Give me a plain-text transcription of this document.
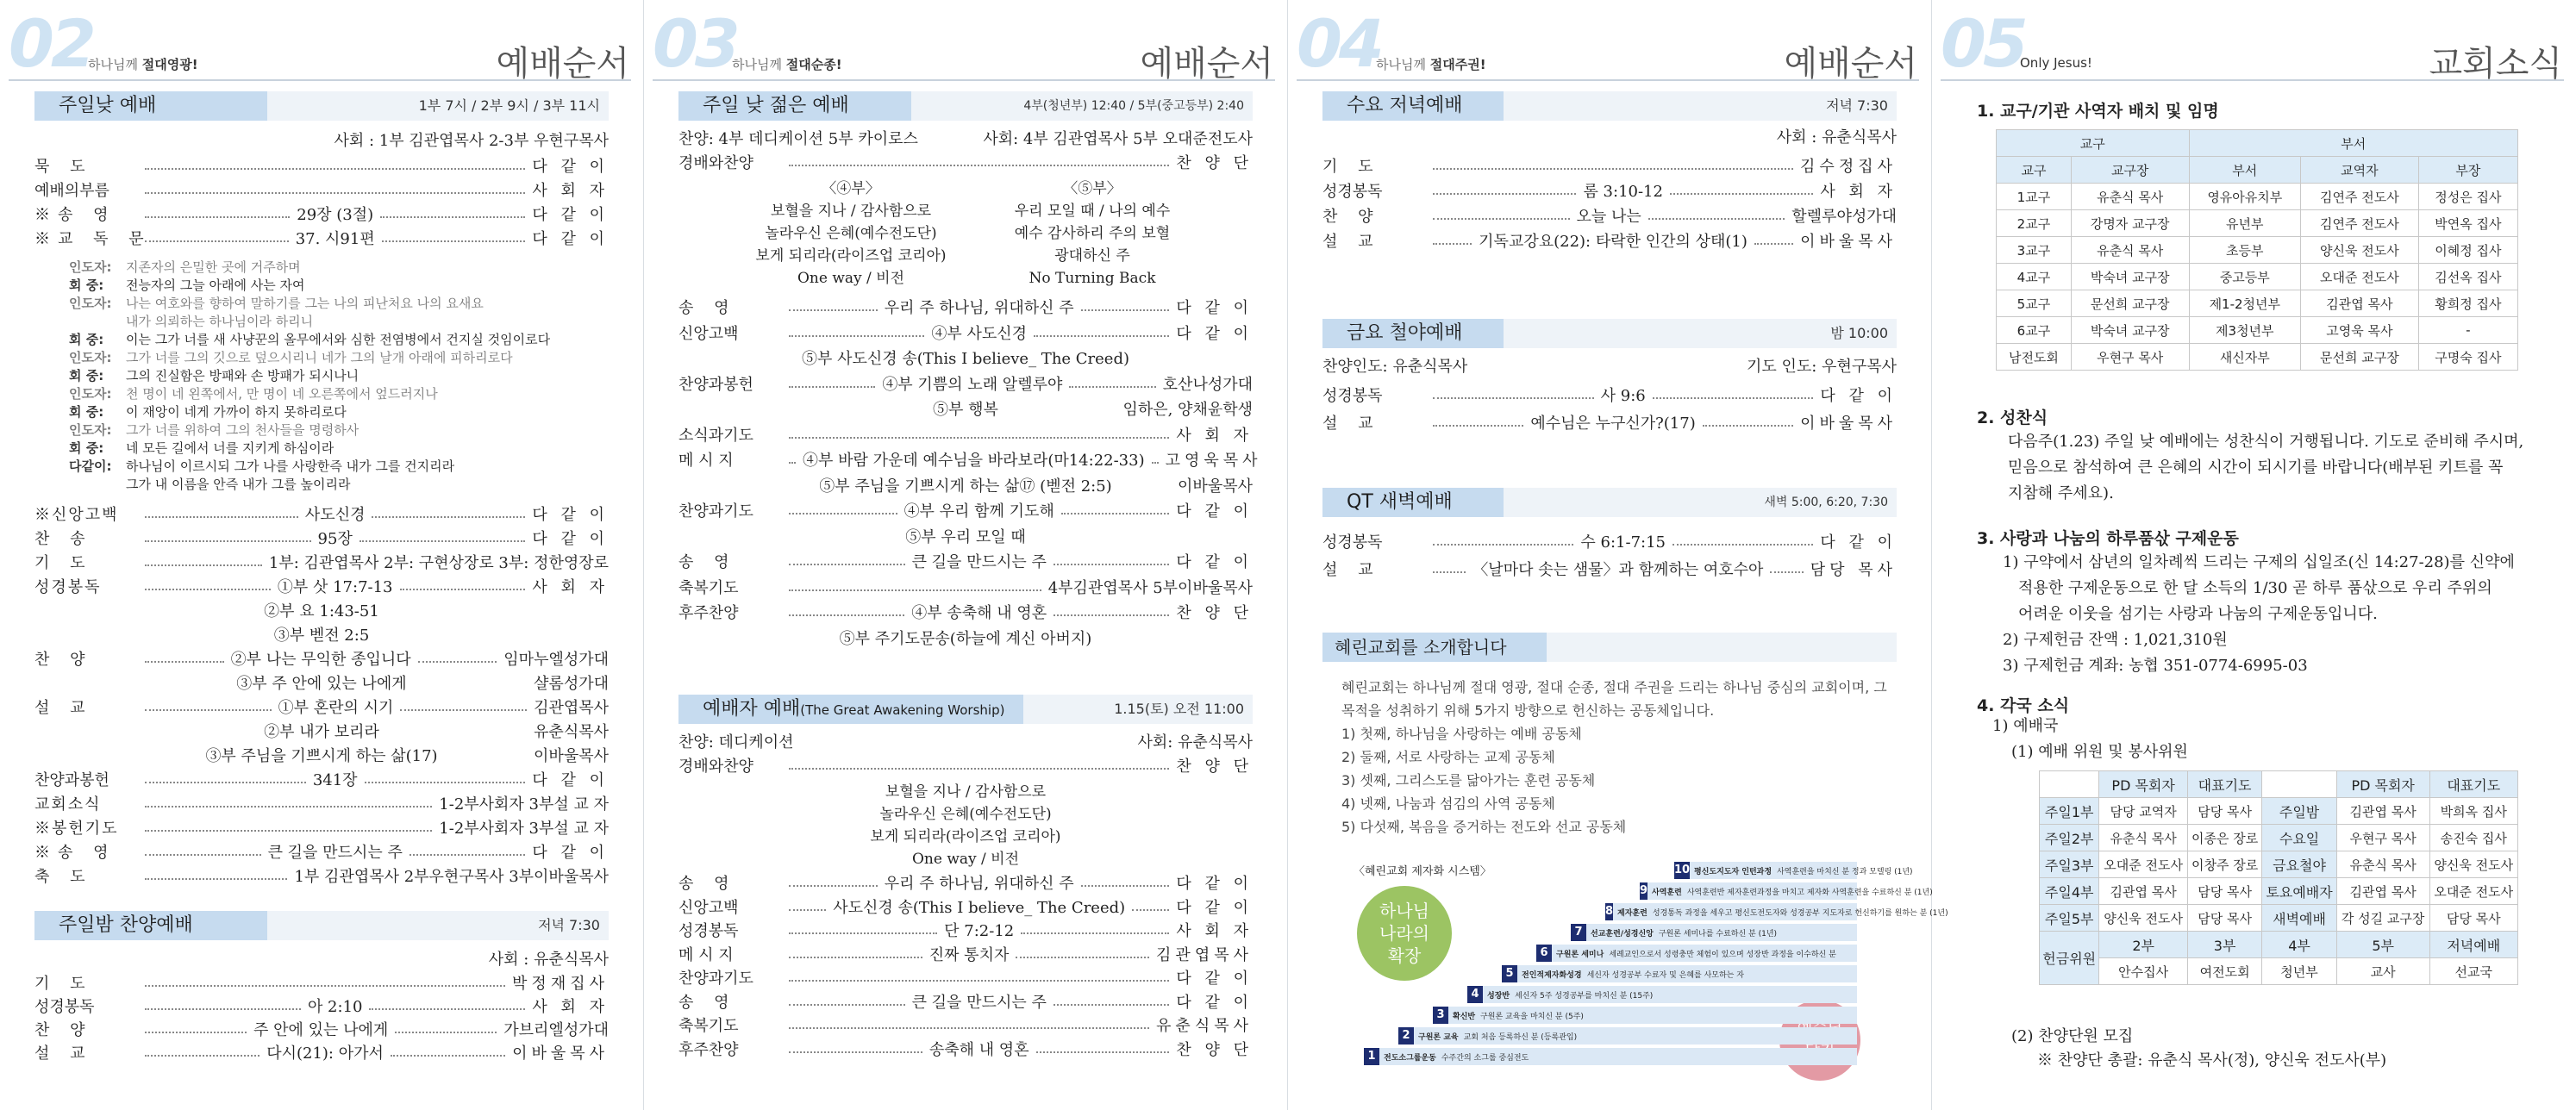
02
하나님께 절대영광!	예배순서
주일낮 예배	1부 7시 / 2부 9시 / 3부 11시
사회 : 1부 김관엽목사 2-3부 우현구목사
묵 도	다 같 이
예배의부름	사 회 자
※송 영	29장 (3절)	다 같 이
※교 독 문	37. 시91편	다 같 이
인도자: 지존자의 은밀한 곳에 거주하며
회 중: 전능자의 그늘 아래에 사는 자여
인도자: 나는 여호와를 향하여 말하기를 그는 나의 피난처요 나의 요새요
내가 의뢰하는 하나님이라 하리니
회 중: 이는 그가 너를 새 사냥꾼의 올무에서와 심한 전염병에서 건지실 것임이로다
인도자: 그가 너를 그의 깃으로 덮으시리니 네가 그의 날개 아래에 피하리로다
회 중: 그의 진실함은 방패와 손 방패가 되시나니
인도자: 천 명이 네 왼쪽에서, 만 명이 네 오른쪽에서 엎드러지나
회 중: 이 재앙이 네게 가까이 하지 못하리로다
인도자: 그가 너를 위하여 그의 천사들을 명령하사
회 중: 네 모든 길에서 너를 지키게 하심이라
다같이: 하나님이 이르시되 그가 나를 사랑한즉 내가 그를 건지리라
그가 내 이름을 안즉 내가 그를 높이리라
※신앙고백	사도신경	다 같 이
찬 송	95장	다 같 이
기 도	1부: 김관엽목사 2부: 구현상장로 3부: 정한영장로
성경봉독	①부 삿 17:7-13	사 회 자
②부 요 1:43-51
③부 벧전 2:5
찬 양	②부 나는 무익한 종입니다	임마누엘성가대
③부 주 안에 있는 나에게	샬롬성가대
설 교	①부 혼란의 시기	김관엽목사
②부 내가 보리라	유춘식목사
③부 주님을 기쁘시게 하는 삶(17)	이바울목사
찬양과봉헌	341장	다 같 이
교회소식	1-2부사회자 3부설 교 자
※봉헌기도	1-2부사회자 3부설 교 자
※송 영	큰 길을 만드시는 주	다 같 이
축 도	1부 김관엽목사 2부우현구목사 3부이바울목사
주일밤 찬양예배	저녁 7:30
사회 : 유춘식목사
기 도	박정재집사
성경봉독	아 2:10	사 회 자
찬 양	주 안에 있는 나에게	가브리엘성가대
설 교	다시(21): 아가서	이바울목사
03
하나님께 절대순종!	예배순서
주일 낮 젊은 예배	4부(청년부) 12:40 / 5부(중고등부) 2:40
찬양: 4부 데디케이션 5부 카이로스	사회: 4부 김관엽목사 5부 오대준전도사
경배와찬양	찬 양 단
〈④부〉
보혈을 지나 / 감사함으로
놀라우신 은혜(예수전도단)
보게 되리라(라이즈업 코리아)
One way / 비전
〈⑤부〉
우리 모일 때 / 나의 예수
예수 감사하리 주의 보혈
광대하신 주
No Turning Back
예배자 예배(The Great Awakening Worship)	1.15(토) 오전 11:00
찬양: 데디케이션	사회: 유춘식목사
경배와찬양	찬 양 단
보혈을 지나 / 감사함으로
놀라우신 은혜(예수전도단)
보게 되리라(라이즈업 코리아)
One way / 비전
송 영	우리 주 하나님, 위대하신 주	다 같 이
신앙고백	④부 사도신경	다 같 이
⑤부 사도신경 송(This I believe_ The Creed)
찬양과봉헌	④부 기쁨의 노래 알렐루야	호산나성가대
⑤부 행복	임하은, 양채윤학생
소식과기도	사 회 자
메 시 지	④부 바람 가운데 예수님을 바라보라(마14:22-33) 고영욱목사
⑤부 주님을 기쁘시게 하는 삶⑰ (벧전 2:5)	이바울목사
찬양과기도	④부 우리 함께 기도해	다 같 이
⑤부 우리 모일 때
송 영	큰 길을 만드시는 주	다 같 이
축복기도	4부김관엽목사 5부이바울목사
후주찬양	④부 송축해 내 영혼	찬 양 단
⑤부 주기도문송(하늘에 계신 아버지)
송 영	우리 주 하나님, 위대하신 주	다 같 이
신앙고백	사도신경 송(This I believe_ The Creed)	다 같 이
성경봉독	단 7:2-12	사 회 자
메 시 지	진짜 통치자	김관엽목사
찬양과기도	다 같 이
송 영	큰 길을 만드시는 주	다 같 이
축복기도	유춘식목사
후주찬양	송축해 내 영혼	찬 양 단
04
하나님께 절대주권!	예배순서
수요 저녁예배	저녁 7:30
사회 : 유춘식목사
금요 철야예배	밤 10:00
찬양인도: 유춘식목사	기도 인도: 우현구목사
QT 새벽예배	새벽 5:00, 6:20, 7:30
혜린교회를 소개합니다
혜린교회는 하나님께 절대 영광, 절대 순종, 절대 주권을 드리는 하나님 중심의 교회이며, 그 목적을 성취하기 위해 5가지 방향으로 헌신하는 공동체입니다.
1) 첫째, 하나님을 사랑하는 예배 공동체
2) 둘째, 서로 사랑하는 교제 공동체
3) 셋째, 그리스도를 닮아가는 훈련 공동체
4) 넷째, 나눔과 섬김의 사역 공동체
5) 다섯째, 복음을 증거하는 전도와 선교 공동체
〈혜린교회 제자화 시스템〉
하나님
나라의
확장

기 도	김수정집사
성경봉독	롬 3:10-12	사 회 자
찬 양	오늘 나는	할렐루야성가대
설 교	기독교강요(22): 타락한 인간의 상태(1)	이바울목사
성경봉독	사 9:6	다 같 이
설 교	예수님은 누구신가?(17)	이바울목사
성경봉독	수 6:1-7:15	다 같 이
설 교	〈날마다 솟는 샘물〉과 함께하는 여호수아	담당 목사
1	전도소그룹운동 수주간의 소그룹 중심전도
2	구원론 교육 교회 처음 등록하신 분 (등록관입)
3	확신반 구원론 교육을 마치신 분 (5주)
4	성장반 세신자 5주 성경공부를 마치신 분 (15주)
5	전인적제자화성경 세신자 성경공부 수료자 및 은혜를 사모하는 자
6	구원론 세미나 세례교인으로서 성령충만 체험이 있으며 성장반 과정을 이수하신 분
7	선교훈련/성경신앙 구원론 세미나를 수료하신 분 (1년)
8 제자훈련 성경통독 과정을 세우고 평신도전도자와 성경공부 지도자로 헌신하기를 원하는 분 (1년)
9 사역훈련 사역훈련반 제자훈련과정을 마치고 제자화 사역훈련을 수료하신 분 (1년)
10 평신도지도자 인턴과정 사역훈련을 마치신 분 정과 모델링 (1년)
05
Only Jesus!	교회소식
1. 교구/기관 사역자 배치 및 임명
교구		부서		
교구	교구장	부서	교역자	부장
1교구	유춘식 목사	영유아유치부	김연주 전도사	정성은 집사
2교구	강명자 교구장	유년부	김연주 전도사	박연옥 집사
3교구	유춘식 목사	초등부	양신욱 전도사	이혜정 집사
4교구	박숙녀 교구장	중고등부	오대준 전도사	김선옥 집사
5교구	문선희 교구장	제1-2청년부	김관엽 목사	황희정 집사
6교구	박숙녀 교구장	제3청년부	고영욱 목사	-
남전도회	우현구 목사	새신자부	문선희 교구장	구명숙 집사
2. 성찬식
다음주(1.23) 주일 낮 예배에는 성찬식이 거행됩니다. 기도로 준비해 주시며,
믿음으로 참석하여 큰 은혜의 시간이 되시기를 바랍니다(배부된 키트를 꼭
지참해 주세요).
3. 사랑과 나눔의 하루품삯 구제운동
1) 구약에서 삼년의 일차례씩 드리는 구제의 십일조(신 14:27-28)를 신약에
적용한 구제운동으로 한 달 소득의 1/30 곧 하루 품삯으로 우리 주위의
어려운 이웃을 섬기는 사랑과 나눔의 구제운동입니다.
2) 구제헌금 잔액 : 1,021,310원
3) 구제헌금 계좌: 농협 351-0774-6995-03
4. 각국 소식
1) 예배국
(1) 예배 위원 및 봉사위원
	PD 목회자	대표기도		PD 목회자	대표기도
주일1부	담당 교역자	담당 목사	주일밤	김관엽 목사	박희옥 집사
주일2부	유춘식 목사	이종은 장로	수요일	우현구 목사	송진숙 집사
주일3부	오대준 전도사	이창주 장로	금요철야	유춘식 목사	양신욱 전도사
주일4부	김관엽 목사	담당 목사	토요예배자	김관엽 목사	오대준 전도사
주일5부	양신욱 전도사	담당 목사	새벽예배	각 성길 교구장	담당 목사
헌금위원	2부	3부	4부	5부	저녁예배
	안수집사	여전도회	청년부	교사	선교국
(2) 찬양단원 모집
※ 찬양단 총괄: 유춘식 목사(정), 양신욱 전도사(부)
